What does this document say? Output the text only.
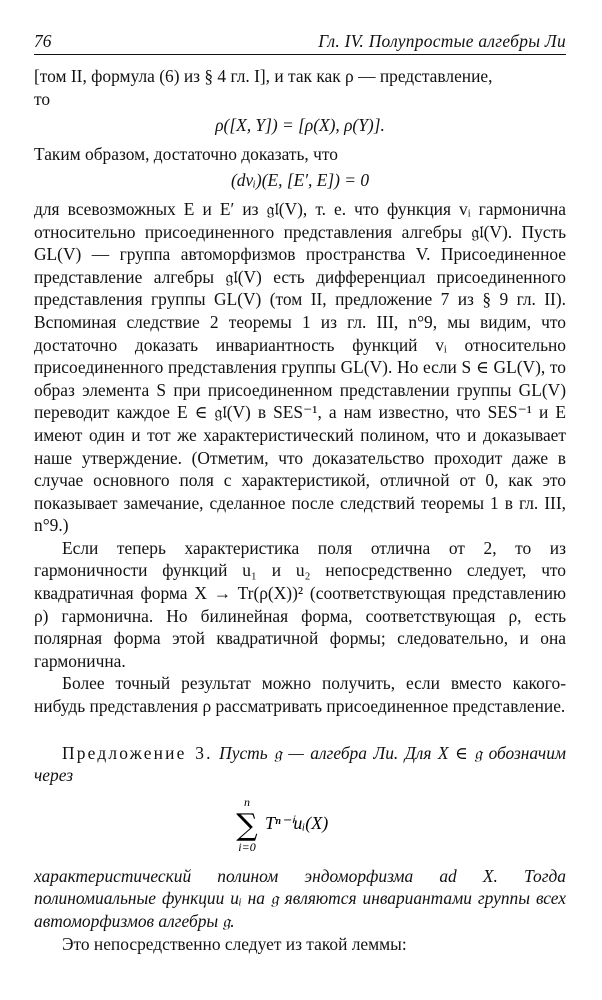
76	Гл. IV. Полупростые алгебры Ли

[том II, формула (6) из § 4 гл. I], и так как ρ — представление,

то

ρ([X, Y]) = [ρ(X), ρ(Y)].

Таким образом, достаточно доказать, что

(dvᵢ)(E, [E′, E]) = 0

для всевозможных E и E′ из 𝔤𝔩(V), т. е. что функция vᵢ гармонична относительно присоединенного представления алгебры 𝔤𝔩(V). Пусть GL(V) — группа автоморфизмов пространства V. Присоединенное представление алгебры 𝔤𝔩(V) есть дифференциал присоединенного представления группы GL(V) (том II, предложение 7 из § 9 гл. II). Вспоминая следствие 2 теоремы 1 из гл. III, n°9, мы видим, что достаточно доказать инвариантность функций vᵢ относительно присоединенного представления группы GL(V). Но если S ∈ GL(V), то образ элемента S при присоединенном представлении группы GL(V) переводит каждое E ∈ 𝔤𝔩(V) в SES⁻¹, а нам известно, что SES⁻¹ и E имеют один и тот же характеристический полином, что и доказывает наше утверждение. (Отметим, что доказательство проходит даже в случае основного поля с характеристикой, отличной от 0, как это показывает замечание, сделанное после следствий теоремы 1 в гл. III, n°9.)

Если теперь характеристика поля отлична от 2, то из гармоничности функций u₁ и u₂ непосредственно следует, что квадратичная форма X → Tr(ρ(X))² (соответствующая представлению ρ) гармонична. Но билинейная форма, соответствующая ρ, есть полярная форма этой квадратичной формы; следовательно, и она гармонична.

Более точный результат можно получить, если вместо какого-нибудь представления ρ рассматривать присоединенное представление.

Предложение 3. Пусть 𝔤 — алгебра Ли. Для X ∈ 𝔤 обозначим через

n
∑
i=0
Tⁿ⁻ⁱuᵢ(X)

характеристический полином эндоморфизма ad X. Тогда полиномиальные функции uᵢ на 𝔤 являются инвариантами группы всех автоморфизмов алгебры 𝔤.

Это непосредственно следует из такой леммы:
